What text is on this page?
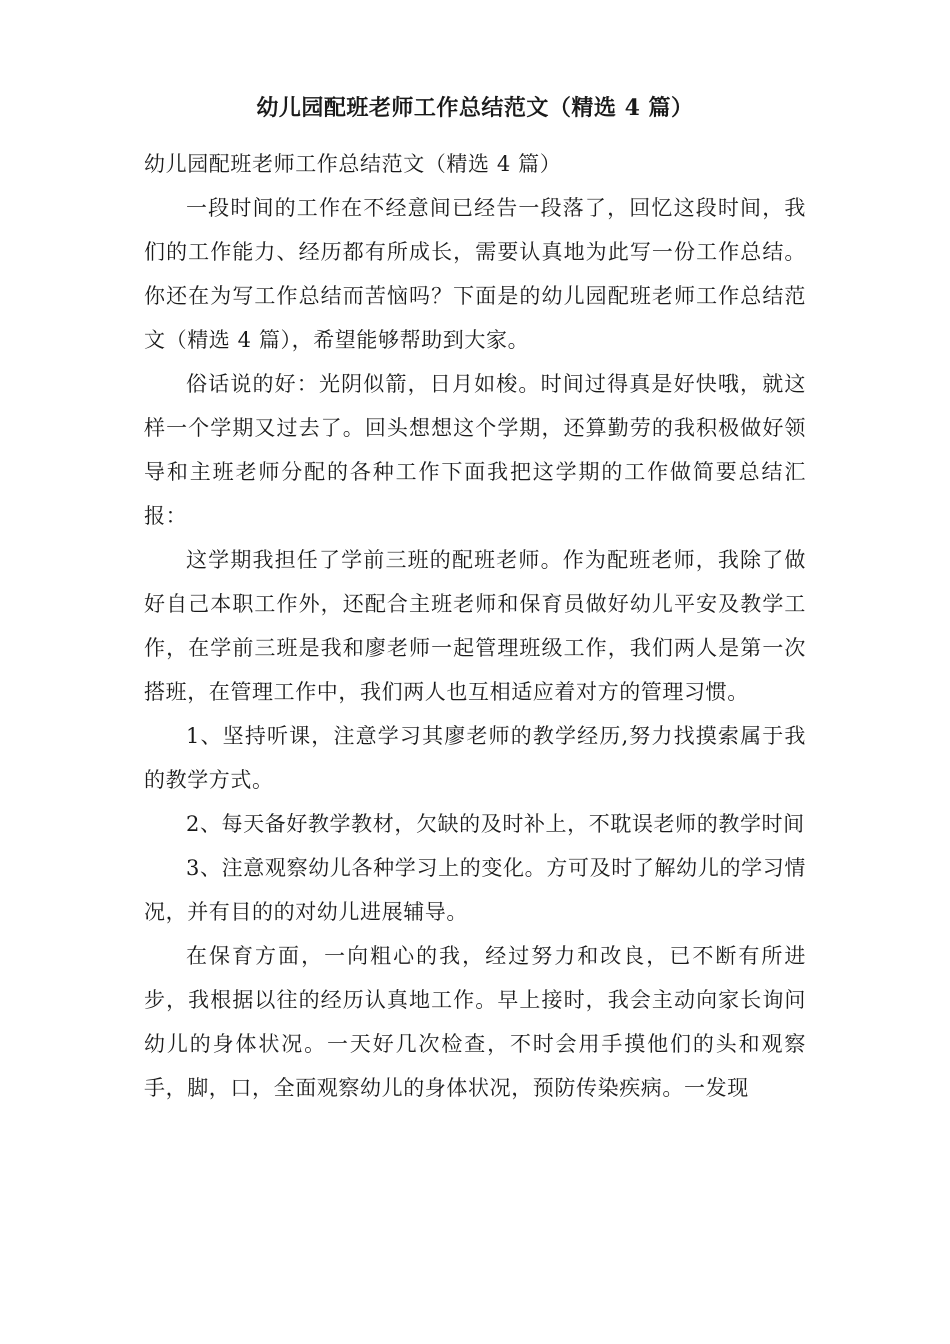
幼儿园配班老师工作总结范文（精选 4 篇）

幼儿园配班老师工作总结范文（精选 4 篇）

一段时间的工作在不经意间已经告一段落了，回忆这段时间，我们的工作能力、经历都有所成长，需要认真地为此写一份工作总结。你还在为写工作总结而苦恼吗？下面是的幼儿园配班老师工作总结范文（精选 4 篇），希望能够帮助到大家。

俗话说的好：光阴似箭，日月如梭。时间过得真是好快哦，就这样一个学期又过去了。回头想想这个学期，还算勤劳的我积极做好领导和主班老师分配的各种工作下面我把这学期的工作做简要总结汇报：

这学期我担任了学前三班的配班老师。作为配班老师，我除了做好自己本职工作外，还配合主班老师和保育员做好幼儿平安及教学工作，在学前三班是我和廖老师一起管理班级工作，我们两人是第一次搭班，在管理工作中，我们两人也互相适应着对方的管理习惯。

1、坚持听课，注意学习其廖老师的教学经历,努力找摸索属于我的教学方式。

2、每天备好教学教材，欠缺的及时补上，不耽误老师的教学时间

3、注意观察幼儿各种学习上的变化。方可及时了解幼儿的学习情况，并有目的的对幼儿进展辅导。

在保育方面，一向粗心的我，经过努力和改良，已不断有所进步，我根据以往的经历认真地工作。早上接时，我会主动向家长询问幼儿的身体状况。一天好几次检查，不时会用手摸他们的头和观察手，脚，口，全面观察幼儿的身体状况，预防传染疾病。一发现
